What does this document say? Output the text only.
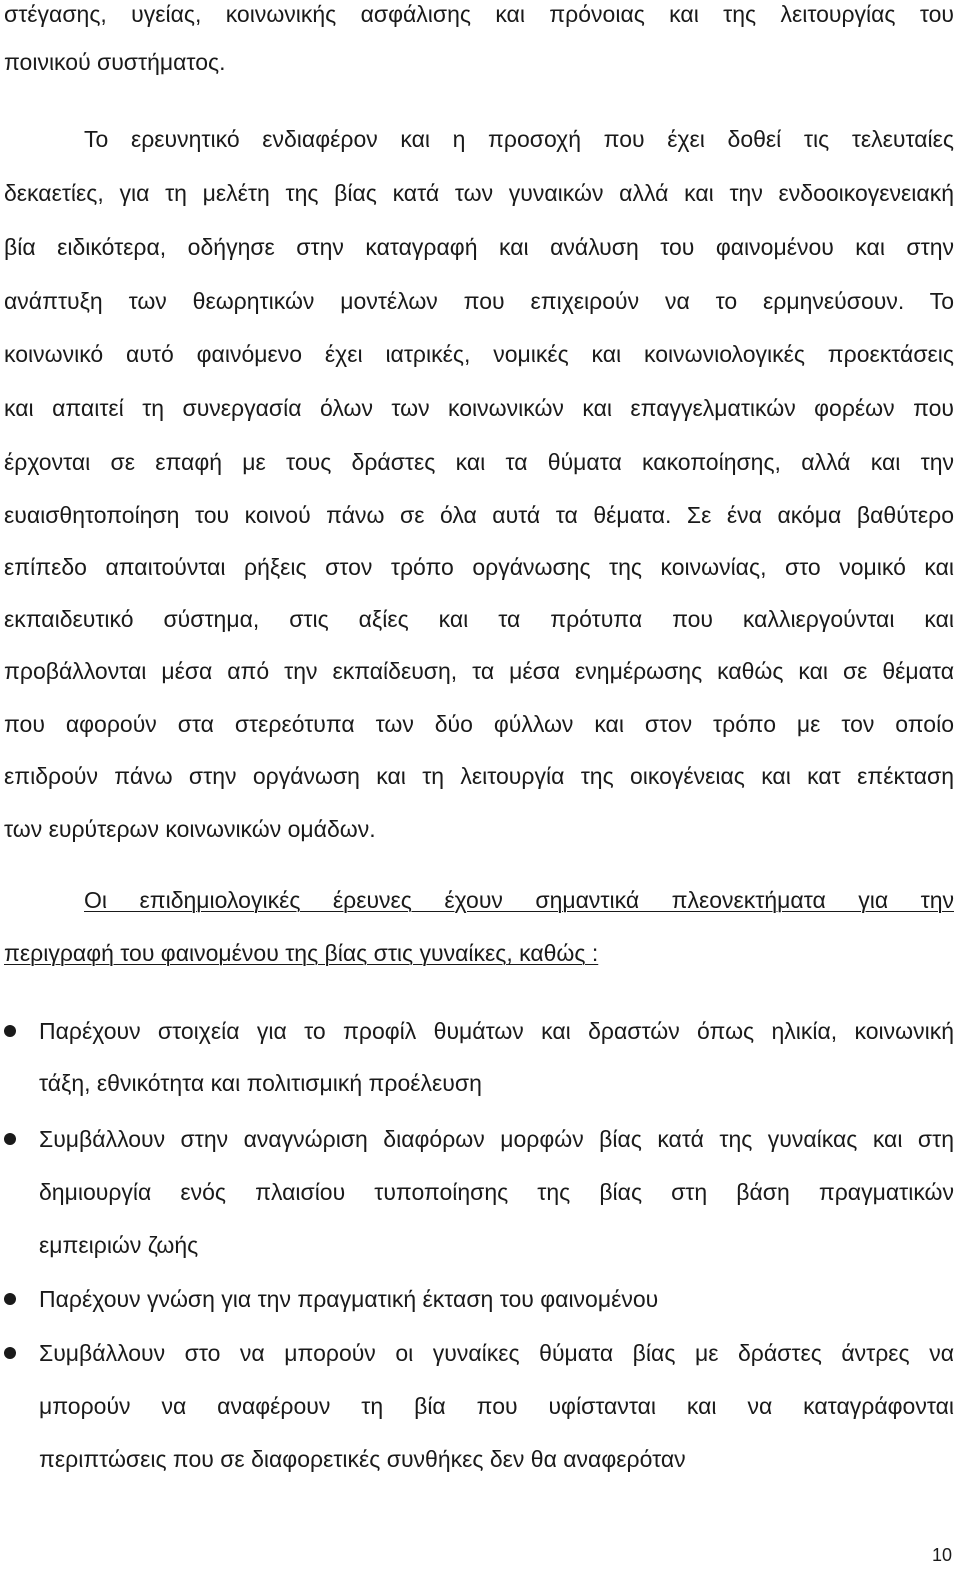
στέγασης, υγείας, κοινωνικής ασφάλισης και πρόνοιας και της λειτουργίας του
ποινικού συστήματος.
Το ερευνητικό ενδιαφέρον και η προσοχή που έχει δοθεί τις τελευταίες
δεκαετίες, για τη μελέτη της βίας κατά των γυναικών αλλά και την ενδοοικογενειακή
βία ειδικότερα, οδήγησε στην καταγραφή και ανάλυση του φαινομένου και στην
ανάπτυξη των θεωρητικών μοντέλων που επιχειρούν να το ερμηνεύσουν. Το
κοινωνικό αυτό φαινόμενο έχει ιατρικές, νομικές και κοινωνιολογικές προεκτάσεις
και απαιτεί τη συνεργασία όλων των κοινωνικών και επαγγελματικών φορέων που
έρχονται σε επαφή με τους δράστες και τα θύματα κακοποίησης, αλλά και την
ευαισθητοποίηση του κοινού πάνω σε όλα αυτά τα θέματα. Σε ένα ακόμα βαθύτερο
επίπεδο απαιτούνται ρήξεις στον τρόπο οργάνωσης της κοινωνίας, στο νομικό και
εκπαιδευτικό σύστημα, στις αξίες και τα πρότυπα που καλλιεργούνται και
προβάλλονται μέσα από την εκπαίδευση, τα μέσα ενημέρωσης καθώς και σε θέματα
που αφορούν στα στερεότυπα των δύο φύλλων και στον τρόπο με τον οποίο
επιδρούν πάνω στην οργάνωση και τη λειτουργία της οικογένειας και κατ επέκταση
των ευρύτερων κοινωνικών ομάδων.
Οι επιδημιολογικές έρευνες έχουν σημαντικά πλεονεκτήματα για την
περιγραφή του φαινομένου της βίας στις γυναίκες, καθώς :
Παρέχουν στοιχεία για το προφίλ θυμάτων και δραστών όπως ηλικία, κοινωνική
τάξη, εθνικότητα και πολιτισμική προέλευση
Συμβάλλουν στην αναγνώριση διαφόρων μορφών βίας κατά της γυναίκας και στη
δημιουργία ενός πλαισίου τυποποίησης της βίας στη βάση πραγματικών
εμπειριών ζωής
Παρέχουν γνώση για την πραγματική έκταση του φαινομένου
Συμβάλλουν στο να μπορούν οι γυναίκες θύματα βίας με δράστες άντρες να
μπορούν να αναφέρουν τη βία που υφίστανται και να καταγράφονται
περιπτώσεις που σε διαφορετικές συνθήκες δεν θα αναφερόταν
10
